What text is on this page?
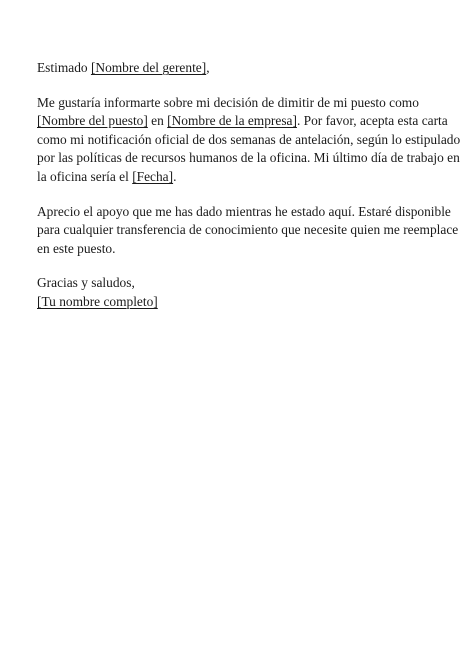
Estimado [Nombre del gerente],

Me gustaría informarte sobre mi decisión de dimitir de mi puesto como
[Nombre del puesto] en [Nombre de la empresa]. Por favor, acepta esta carta
como mi notificación oficial de dos semanas de antelación, según lo estipulado
por las políticas de recursos humanos de la oficina. Mi último día de trabajo en
la oficina sería el [Fecha].

Aprecio el apoyo que me has dado mientras he estado aquí. Estaré disponible
para cualquier transferencia de conocimiento que necesite quien me reemplace
en este puesto.

Gracias y saludos,
[Tu nombre completo]
